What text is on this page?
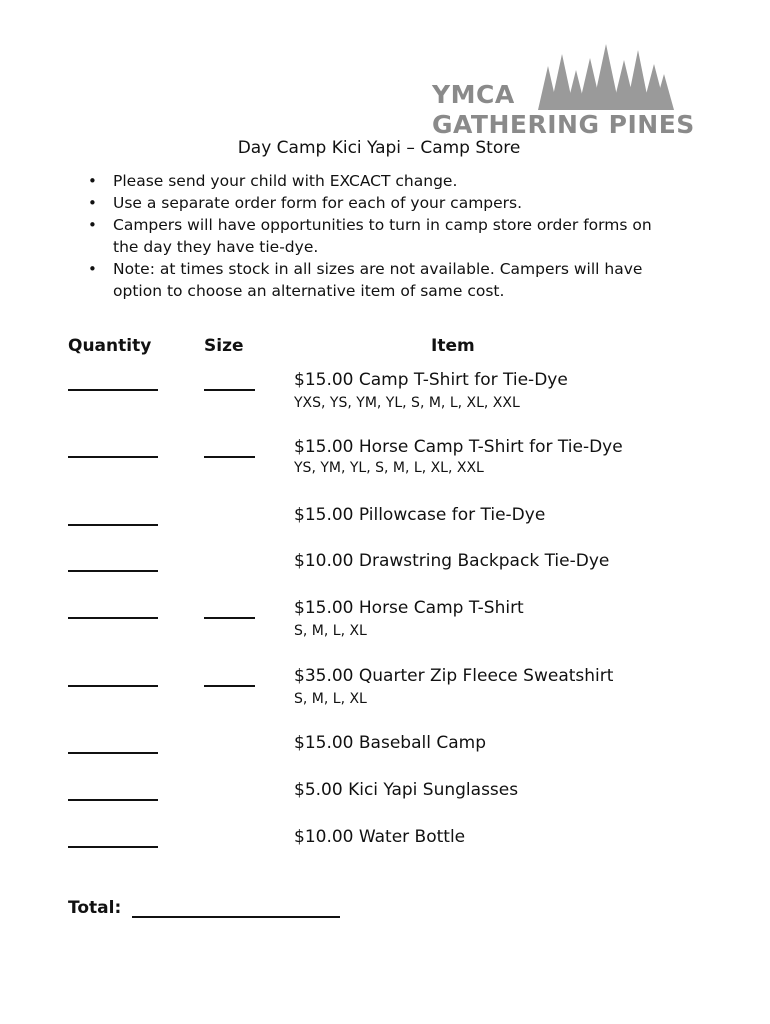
YMCA
GATHERING PINES
Day Camp Kici Yapi – Camp Store
• Please send your child with EXCACT change.
• Use a separate order form for each of your campers.
• Campers will have opportunities to turn in camp store order forms on the day they have tie-dye.
• Note: at times stock in all sizes are not available. Campers will have option to choose an alternative item of same cost.
Quantity	Size	Item
$15.00 Camp T-Shirt for Tie-Dye
YXS, YS, YM, YL, S, M, L, XL, XXL
$15.00 Horse Camp T-Shirt for Tie-Dye
YS, YM, YL, S, M, L, XL, XXL
$15.00 Pillowcase for Tie-Dye
$10.00 Drawstring Backpack Tie-Dye
$15.00 Horse Camp T-Shirt
S, M, L, XL
$35.00 Quarter Zip Fleece Sweatshirt
S, M, L, XL
$15.00 Baseball Camp
$5.00 Kici Yapi Sunglasses
$10.00 Water Bottle
Total:
